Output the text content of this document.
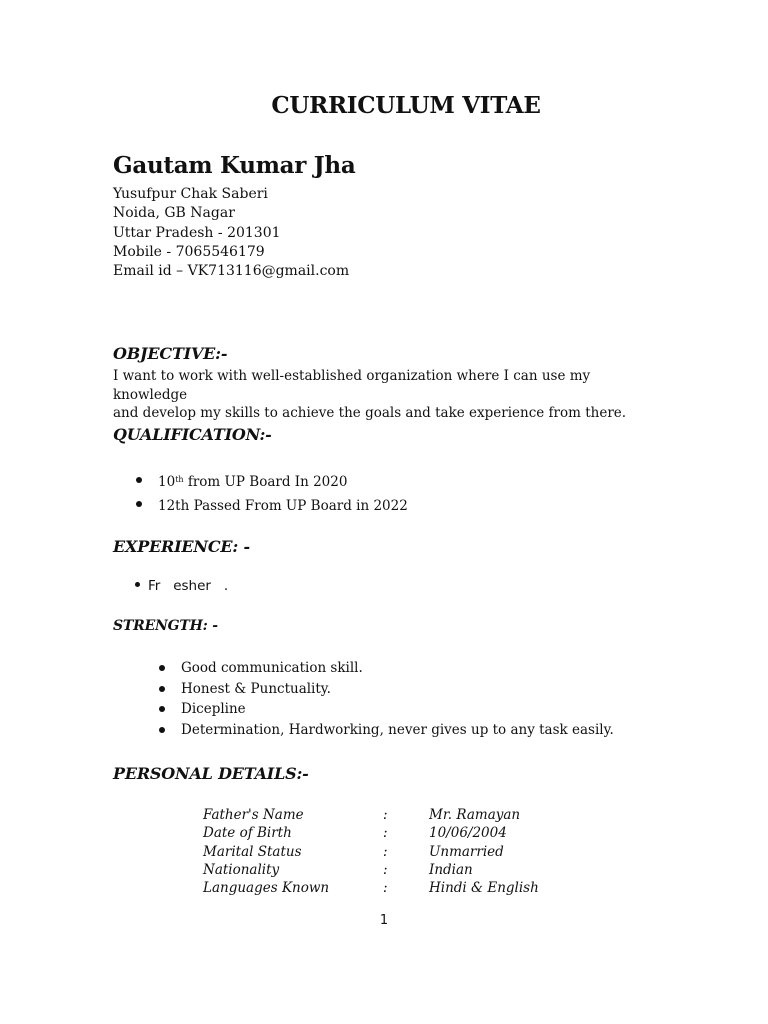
CURRICULUM VITAE
Gautam Kumar Jha
Yusufpur Chak Saberi
Noida, GB Nagar
Uttar Pradesh - 201301
Mobile - 7065546179
Email id – VK713116@gmail.com
OBJECTIVE:-
I want to work with well-established organization where I can use my knowledge
and develop my skills to achieve the goals and take experience from there.
QUALIFICATION:-
10th from UP Board In 2020
12th Passed From UP Board in 2022
EXPERIENCE: -
Fr   esher   .
STRENGTH: -
Good communication skill.
Honest & Punctuality.
Dicepline
Determination, Hardworking, never gives up to any task easily.
PERSONAL DETAILS:-
Father's Name	:	Mr. Ramayan
Date of Birth	:	10/06/2004
Marital Status	:	Unmarried
Nationality	:	Indian
Languages Known	:	Hindi & English
1
